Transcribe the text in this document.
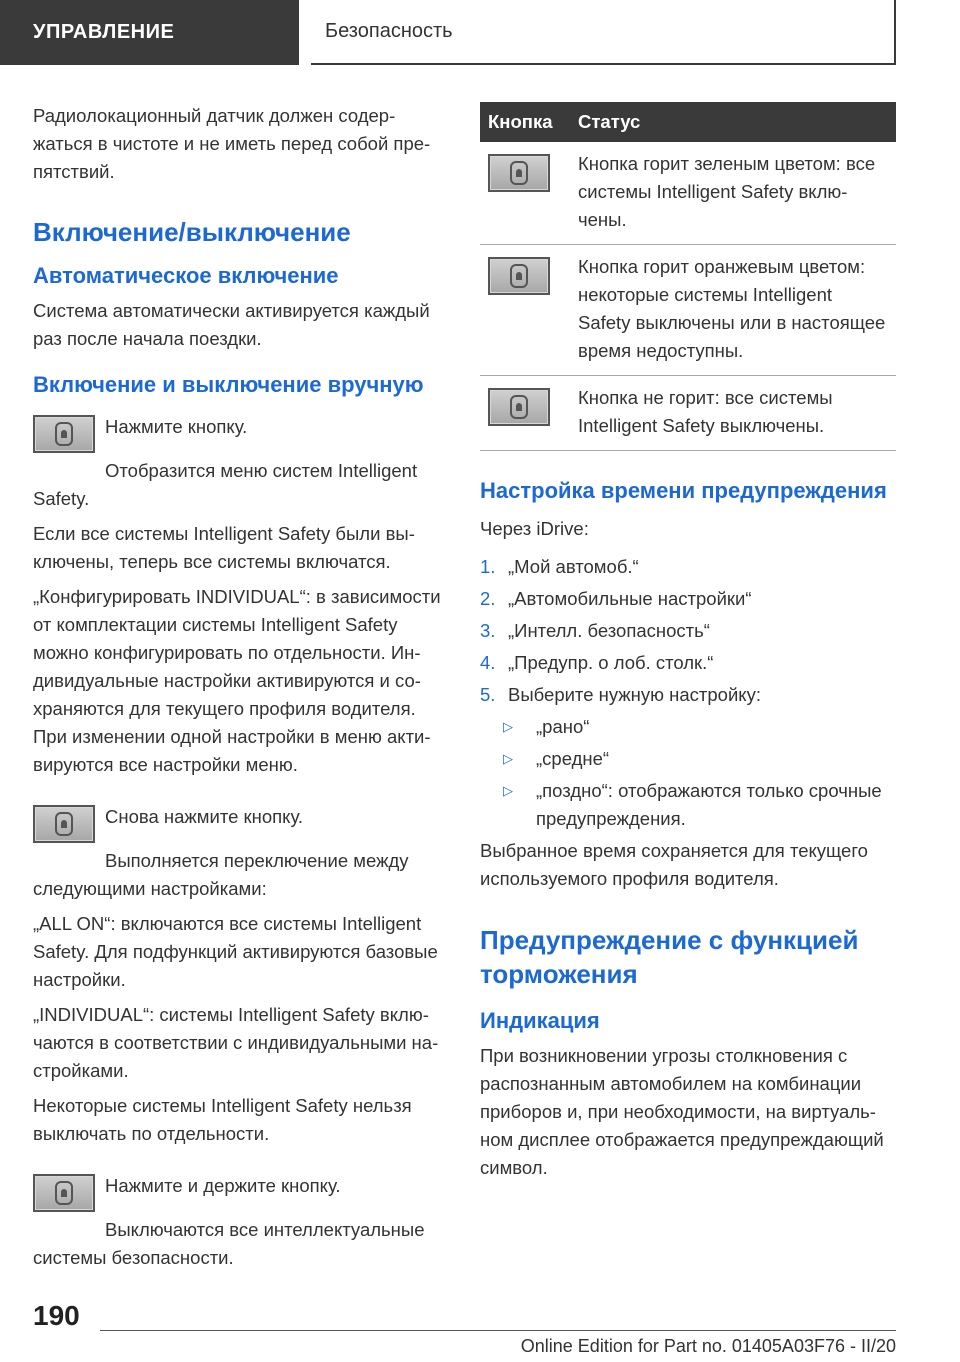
УПРАВЛЕНИЕ	Безопасность

Радиолокационный датчик должен содержаться в чистоте и не иметь перед собой препятствий.

Включение/выключение
Автоматическое включение

Система автоматически активируется каждый раз после начала поездки.

Включение и выключение вручную

Нажмите кнопку.

Отобразится меню систем Intelligent Safety.

Если все системы Intelligent Safety были выключены, теперь все системы включатся.

„Конфигурировать INDIVIDUAL“: в зависимости от комплектации системы Intelligent Safety можно конфигурировать по отдельности. Индивидуальные настройки активируются и сохраняются для текущего профиля водителя. При изменении одной настройки в меню активируются все настройки меню.

Снова нажмите кнопку.

Выполняется переключение между следующими настройками:

„ALL ON“: включаются все системы Intelligent Safety. Для подфункций активируются базовые настройки.

„INDIVIDUAL“: системы Intelligent Safety включаются в соответствии с индивидуальными настройками.

Некоторые системы Intelligent Safety нельзя выключать по отдельности.

Нажмите и держите кнопку.

Выключаются все интеллектуальные системы безопасности.

Кнопка	Статус

	Кнопка горит зеленым цветом: все системы Intelligent Safety включены.

	Кнопка горит оранжевым цветом: некоторые системы Intelligent Safety выключены или в настоящее время недоступны.

	Кнопка не горит: все системы Intelligent Safety выключены.
Настройка времени предупреждения

Через iDrive:

1. „Мой автомоб.“
2. „Автомобильные настройки“
3. „Интелл. безопасность“
4. „Предупр. о лоб. столк.“
5. Выберите нужную настройку:
▷	„рано“
▷	„средне“
▷	„поздно“: отображаются только срочные предупреждения.

Выбранное время сохраняется для текущего используемого профиля водителя.

Предупреждение с функцией торможения
Индикация

При возникновении угрозы столкновения с распознанным автомобилем на комбинации приборов и, при необходимости, на виртуальном дисплее отображается предупреждающий символ.

190
Online Edition for Part no. 01405A03F76 - II/20
